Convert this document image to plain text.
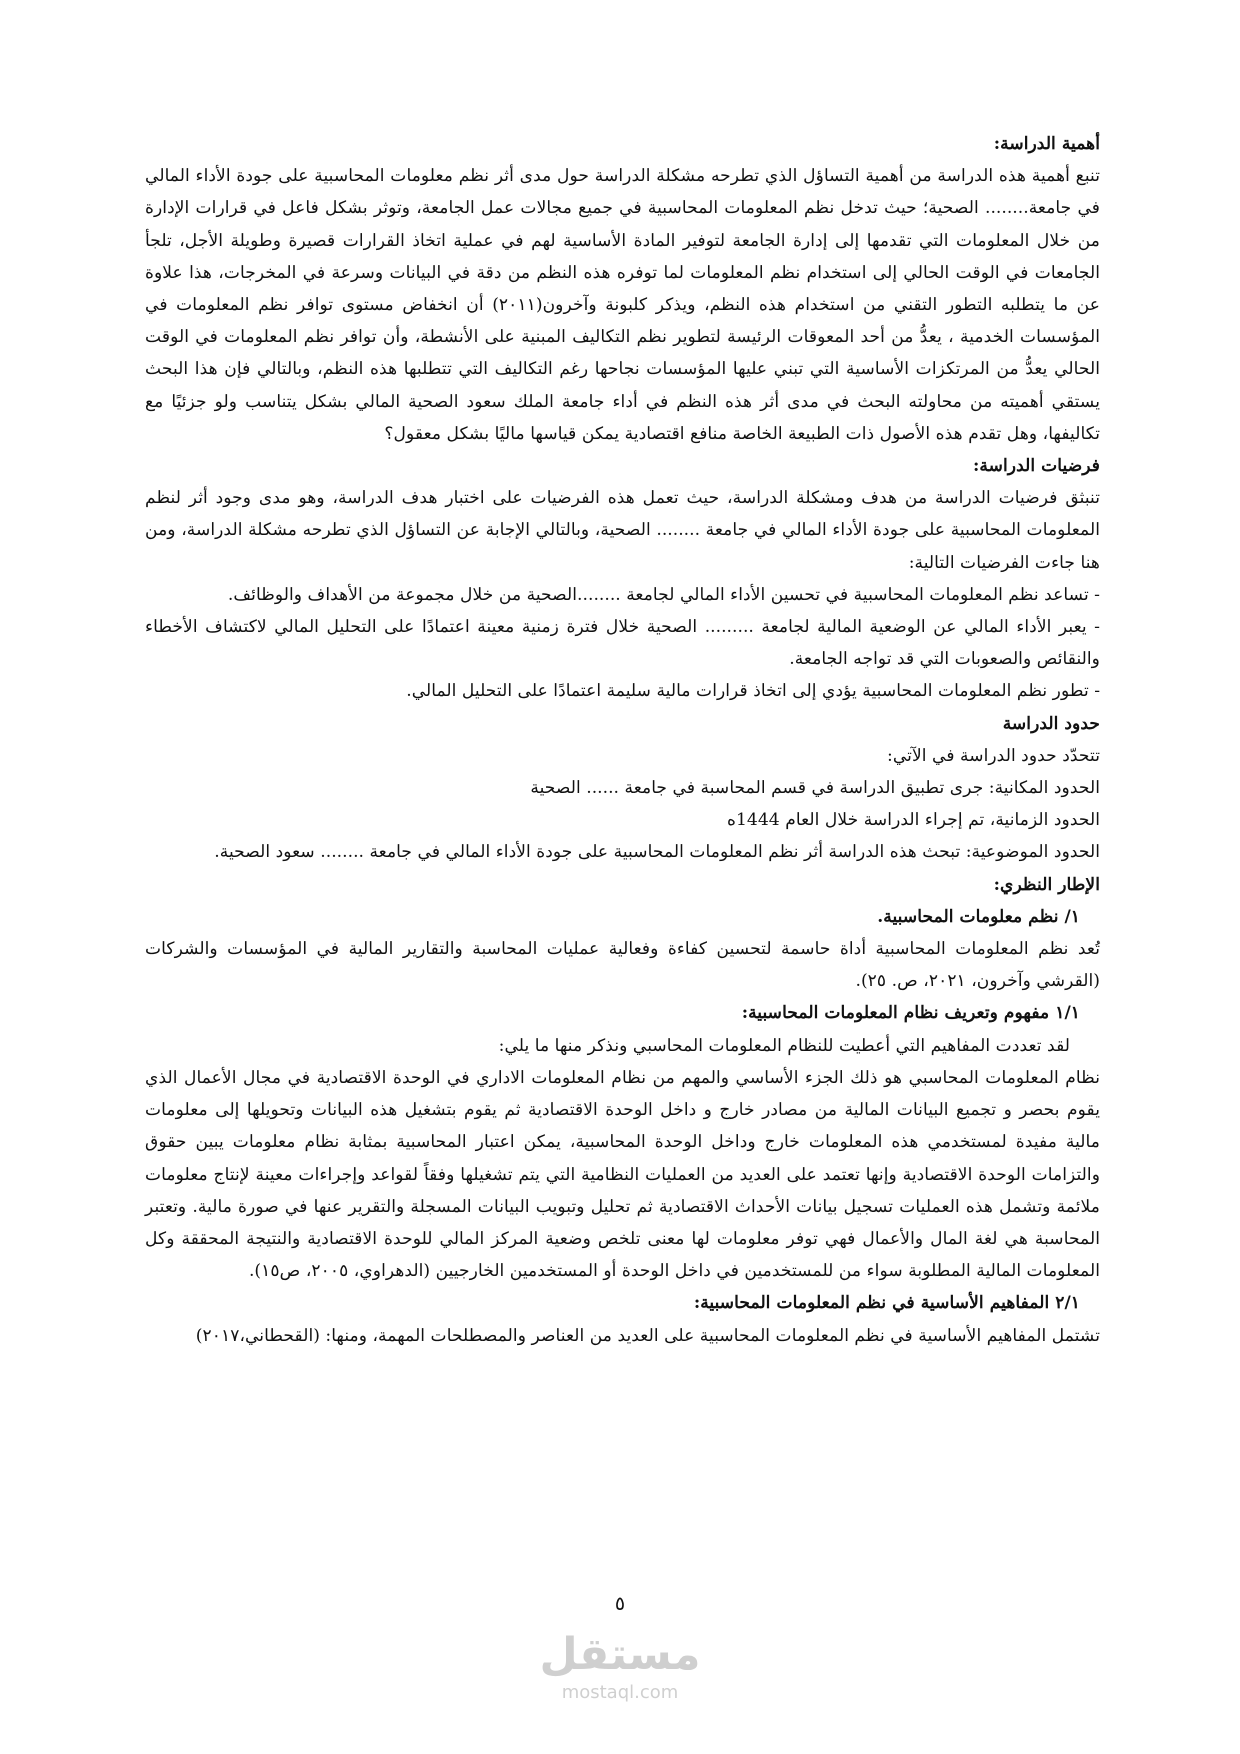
أهمية الدراسة:

تنبع أهمية هذه الدراسة من أهمية التساؤل الذي تطرحه مشكلة الدراسة حول مدى أثر نظم معلومات المحاسبية على جودة الأداء المالي في جامعة........ الصحية؛ حيث تدخل نظم المعلومات المحاسبية في جميع مجالات عمل الجامعة، وتوثر بشكل فاعل في قرارات الإدارة من خلال المعلومات التي تقدمها إلى إدارة الجامعة لتوفير المادة الأساسية لهم في عملية اتخاذ القرارات قصيرة وطويلة الأجل، تلجأ الجامعات في الوقت الحالي إلى استخدام نظم المعلومات لما توفره هذه النظم من دقة في البيانات وسرعة في المخرجات، هذا علاوة عن ما يتطلبه التطور التقني من استخدام هذه النظم، ويذكر كلبونة وآخرون(٢٠١١) أن انخفاض مستوى توافر نظم المعلومات في المؤسسات الخدمية ، يعدُّ من أحد المعوقات الرئيسة لتطوير نظم التكاليف المبنية على الأنشطة، وأن توافر نظم المعلومات في الوقت الحالي يعدُّ من المرتكزات الأساسية التي تبني عليها المؤسسات نجاحها رغم التكاليف التي تتطلبها هذه النظم، وبالتالي فإن هذا البحث يستقي أهميته من محاولته البحث في مدى أثر هذه النظم في أداء جامعة الملك سعود الصحية المالي بشكل يتناسب ولو جزئيًا مع تكاليفها، وهل تقدم هذه الأصول ذات الطبيعة الخاصة منافع اقتصادية يمكن قياسها ماليًا بشكل معقول؟

فرضيات الدراسة:

تنبثق فرضيات الدراسة من هدف ومشكلة الدراسة، حيث تعمل هذه الفرضيات على اختبار هدف الدراسة، وهو مدى وجود أثر لنظم المعلومات المحاسبية على جودة الأداء المالي في جامعة ........ الصحية، وبالتالي الإجابة عن التساؤل الذي تطرحه مشكلة الدراسة، ومن هنا جاءت الفرضيات التالية:

- تساعد نظم المعلومات المحاسبية في تحسين الأداء المالي لجامعة ........الصحية من خلال مجموعة من الأهداف والوظائف.

- يعبر الأداء المالي عن الوضعية المالية لجامعة ......... الصحية خلال فترة زمنية معينة اعتمادًا على التحليل المالي لاكتشاف الأخطاء والنقائص والصعوبات التي قد تواجه الجامعة.

- تطور نظم المعلومات المحاسبية يؤدي إلى اتخاذ قرارات مالية سليمة اعتمادًا على التحليل المالي.

حدود الدراسة

تتحدّد حدود الدراسة في الآتي:

الحدود المكانية: جرى تطبيق الدراسة في قسم المحاسبة في جامعة ...... الصحية

الحدود الزمانية، تم إجراء الدراسة خلال العام 1444ه

الحدود الموضوعية: تبحث هذه الدراسة أثر نظم المعلومات المحاسبية على جودة الأداء المالي في جامعة ........ سعود الصحية.

الإطار النظري:

١/ نظم معلومات المحاسبية.

تُعد نظم المعلومات المحاسبية أداة حاسمة لتحسين كفاءة وفعالية عمليات المحاسبة والتقارير المالية في المؤسسات والشركات (القرشي وآخرون، ٢٠٢١، ص. ٢٥).

١/١ مفهوم وتعريف نظام المعلومات المحاسبية:

لقد تعددت المفاهيم التي أعطيت للنظام المعلومات المحاسبي ونذكر منها ما يلي:

نظام المعلومات المحاسبي هو ذلك الجزء الأساسي والمهم من نظام المعلومات الاداري في الوحدة الاقتصادية في مجال الأعمال الذي يقوم بحصر و تجميع البيانات المالية من مصادر خارج و داخل الوحدة الاقتصادية ثم يقوم بتشغيل هذه البيانات وتحويلها إلى معلومات مالية مفيدة لمستخدمي هذه المعلومات خارج وداخل الوحدة المحاسبية، يمكن اعتبار المحاسبية بمثابة نظام معلومات يبين حقوق والتزامات الوحدة الاقتصادية وإنها تعتمد على العديد من العمليات النظامية التي يتم تشغيلها وفقاً لقواعد وإجراءات معينة لإنتاج معلومات ملائمة وتشمل هذه العمليات تسجيل بيانات الأحداث الاقتصادية ثم تحليل وتبويب البيانات المسجلة والتقرير عنها في صورة مالية. وتعتبر المحاسبة هي لغة المال والأعمال فهي توفر معلومات لها معنى تلخص وضعية المركز المالي للوحدة الاقتصادية والنتيجة المحققة وكل المعلومات المالية المطلوبة سواء من للمستخدمين في داخل الوحدة أو المستخدمين الخارجيين (الدهراوي، ٢٠٠٥، ص١٥).

٢/١ المفاهيم الأساسية في نظم المعلومات المحاسبية:

تشتمل المفاهيم الأساسية في نظم المعلومات المحاسبية على العديد من العناصر والمصطلحات المهمة، ومنها: (القحطاني،٢٠١٧)

٥
مستقل
mostaql.com
